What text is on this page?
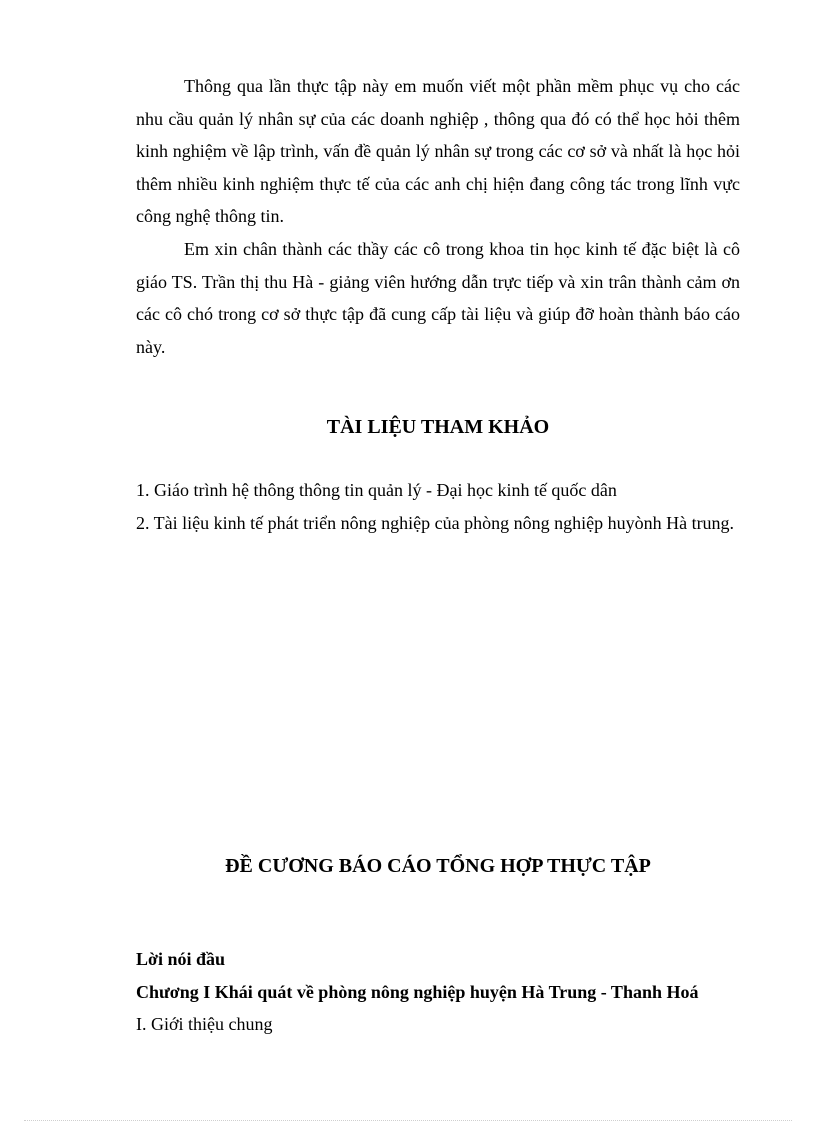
Thông qua lần thực tập này em muốn viết một phần mềm phục vụ cho các nhu cầu quản lý nhân sự của các doanh nghiệp , thông qua đó có thể học hỏi thêm kinh nghiệm về lập trình, vấn đề quản lý nhân sự trong các cơ sở và nhất là học hỏi thêm nhiều kinh nghiệm thực tế của các anh chị hiện đang công tác trong lĩnh vực công nghệ thông tin.

Em xin chân thành các thầy các cô trong khoa tin học kinh tế đặc biệt là cô giáo TS. Trần thị thu Hà - giảng viên hướng dẫn trực tiếp và xin trân thành cảm ơn các cô chó trong cơ sở thực tập đã cung cấp tài liệu và giúp đỡ hoàn thành báo cáo này.

TÀI LIỆU THAM KHẢO
1. Giáo trình hệ thông thông tin quản lý - Đại học kinh tế quốc dân
2. Tài liệu kinh tế phát triển nông nghiệp của phòng nông nghiệp huyònh Hà trung.
ĐỀ CƯƠNG BÁO CÁO TỔNG HỢP THỰC TẬP
Lời nói đầu
Chương I Khái quát về phòng nông nghiệp huyện Hà Trung - Thanh Hoá
I. Giới thiệu chung
